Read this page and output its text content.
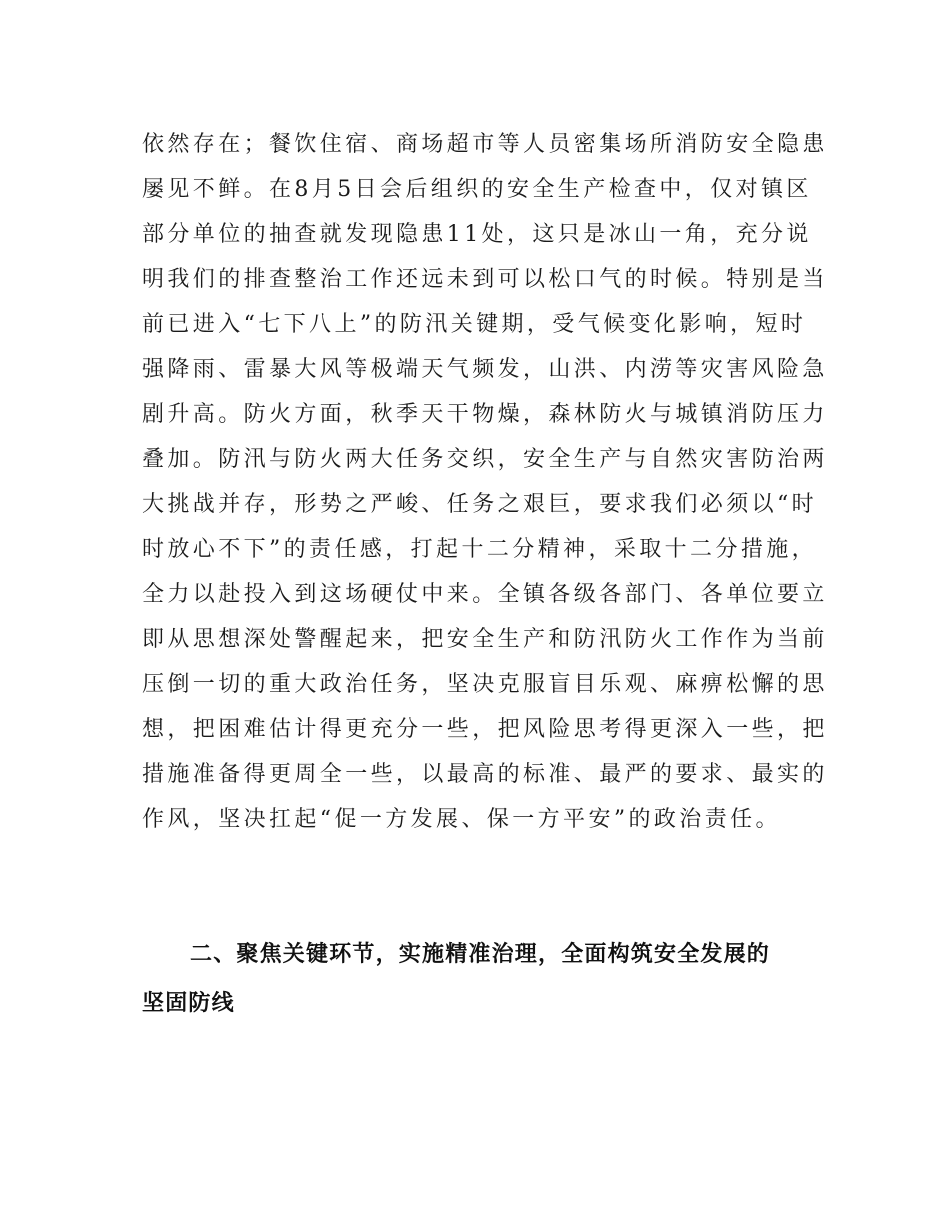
依然存在；餐饮住宿、商场超市等人员密集场所消防安全隐患
屡见不鲜。在8月5日会后组织的安全生产检查中，仅对镇区
部分单位的抽查就发现隐患11处，这只是冰山一角，充分说
明我们的排查整治工作还远未到可以松口气的时候。特别是当
前已进入“七下八上”的防汛关键期，受气候变化影响，短时
强降雨、雷暴大风等极端天气频发，山洪、内涝等灾害风险急
剧升高。防火方面，秋季天干物燥，森林防火与城镇消防压力
叠加。防汛与防火两大任务交织，安全生产与自然灾害防治两
大挑战并存，形势之严峻、任务之艰巨，要求我们必须以“时
时放心不下”的责任感，打起十二分精神，采取十二分措施，
全力以赴投入到这场硬仗中来。全镇各级各部门、各单位要立
即从思想深处警醒起来，把安全生产和防汛防火工作作为当前
压倒一切的重大政治任务，坚决克服盲目乐观、麻痹松懈的思
想，把困难估计得更充分一些，把风险思考得更深入一些，把
措施准备得更周全一些，以最高的标准、最严的要求、最实的
作风，坚决扛起“促一方发展、保一方平安”的政治责任。
二、聚焦关键环节，实施精准治理，全面构筑安全发展的
坚固防线
